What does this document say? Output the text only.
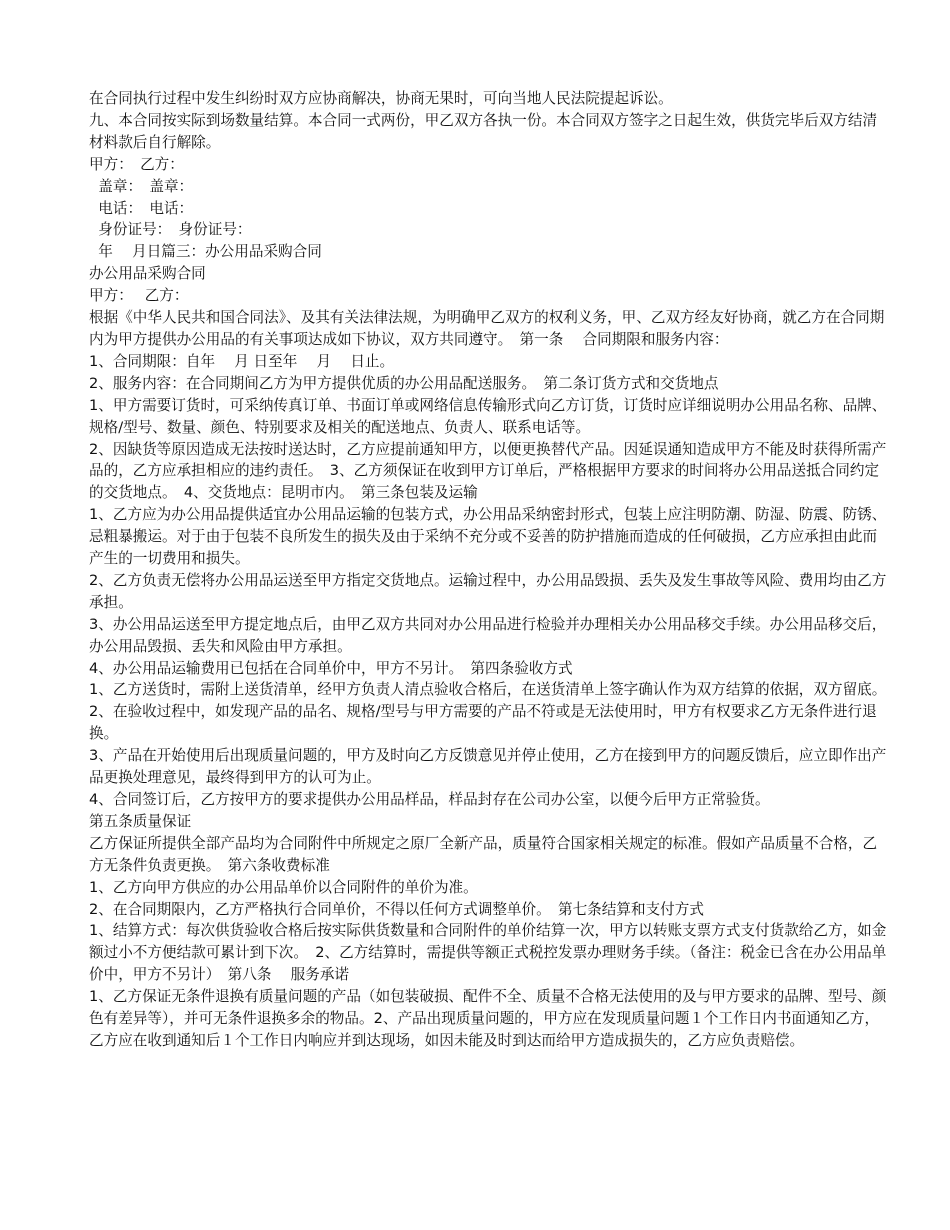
在合同执行过程中发生纠纷时双方应协商解决，协商无果时，可向当地人民法院提起诉讼。

九、本合同按实际到场数量结算。本合同一式两份，甲乙双方各执一份。本合同双方签字之日起生效，供货完毕后双方结清材料款后自行解除。

甲方：　乙方：

盖章：　盖章：

电话：　电话：

身份证号：　身份证号：

年　 月日篇三：办公用品采购合同

办公用品采购合同

甲方：　 乙方：

根据《中华人民共和国合同法》、及其有关法律法规，为明确甲乙双方的权利义务，甲、乙双方经友好协商，就乙方在合同期内为甲方提供办公用品的有关事项达成如下协议，双方共同遵守。　第一条　 合同期限和服务内容：

1、合同期限：自年　 月 日至年　 月　 日止。

2、服务内容：在合同期间乙方为甲方提供优质的办公用品配送服务。　第二条订货方式和交货地点

1、甲方需要订货时，可采纳传真订单、书面订单或网络信息传输形式向乙方订货，订货时应详细说明办公用品名称、品牌、规格/型号、数量、颜色、特别要求及相关的配送地点、负责人、联系电话等。

2、因缺货等原因造成无法按时送达时，乙方应提前通知甲方，以便更换替代产品。因延误通知造成甲方不能及时获得所需产品的，乙方应承担相应的违约责任。　3、乙方须保证在收到甲方订单后，严格根据甲方要求的时间将办公用品送抵合同约定的交货地点。　4、交货地点：昆明市内。　第三条包装及运输

1、乙方应为办公用品提供适宜办公用品运输的包装方式，办公用品采纳密封形式，包装上应注明防潮、防湿、防震、防锈、忌粗暴搬运。对于由于包装不良所发生的损失及由于采纳不充分或不妥善的防护措施而造成的任何破损，乙方应承担由此而产生的一切费用和损失。

2、乙方负责无偿将办公用品运送至甲方指定交货地点。运输过程中，办公用品毁损、丢失及发生事故等风险、费用均由乙方承担。

3、办公用品运送至甲方提定地点后，由甲乙双方共同对办公用品进行检验并办理相关办公用品移交手续。办公用品移交后，办公用品毁损、丢失和风险由甲方承担。

4、办公用品运输费用已包括在合同单价中，甲方不另计。　第四条验收方式

1、乙方送货时，需附上送货清单，经甲方负责人清点验收合格后，在送货清单上签字确认作为双方结算的依据，双方留底。

2、在验收过程中，如发现产品的品名、规格/型号与甲方需要的产品不符或是无法使用时，甲方有权要求乙方无条件进行退换。

3、产品在开始使用后出现质量问题的，甲方及时向乙方反馈意见并停止使用，乙方在接到甲方的问题反馈后，应立即作出产品更换处理意见，最终得到甲方的认可为止。

4、合同签订后，乙方按甲方的要求提供办公用品样品，样品封存在公司办公室，以便今后甲方正常验货。

第五条质量保证

乙方保证所提供全部产品均为合同附件中所规定之原厂全新产品，质量符合国家相关规定的标准。假如产品质量不合格，乙方无条件负责更换。　第六条收费标准

1、乙方向甲方供应的办公用品单价以合同附件的单价为准。

2、在合同期限内，乙方严格执行合同单价，不得以任何方式调整单价。　第七条结算和支付方式

1、结算方式：每次供货验收合格后按实际供货数量和合同附件的单价结算一次，甲方以转账支票方式支付货款给乙方，如金额过小不方便结款可累计到下次。　2、乙方结算时，需提供等额正式税控发票办理财务手续。（备注：税金已含在办公用品单价中，甲方不另计）　第八条　 服务承诺

1、乙方保证无条件退换有质量问题的产品（如包装破损、配件不全、质量不合格无法使用的及与甲方要求的品牌、型号、颜色有差异等），并可无条件退换多余的物品。2、产品出现质量问题的，甲方应在发现质量问题１个工作日内书面通知乙方，乙方应在收到通知后１个工作日内响应并到达现场，如因未能及时到达而给甲方造成损失的，乙方应负责赔偿。
